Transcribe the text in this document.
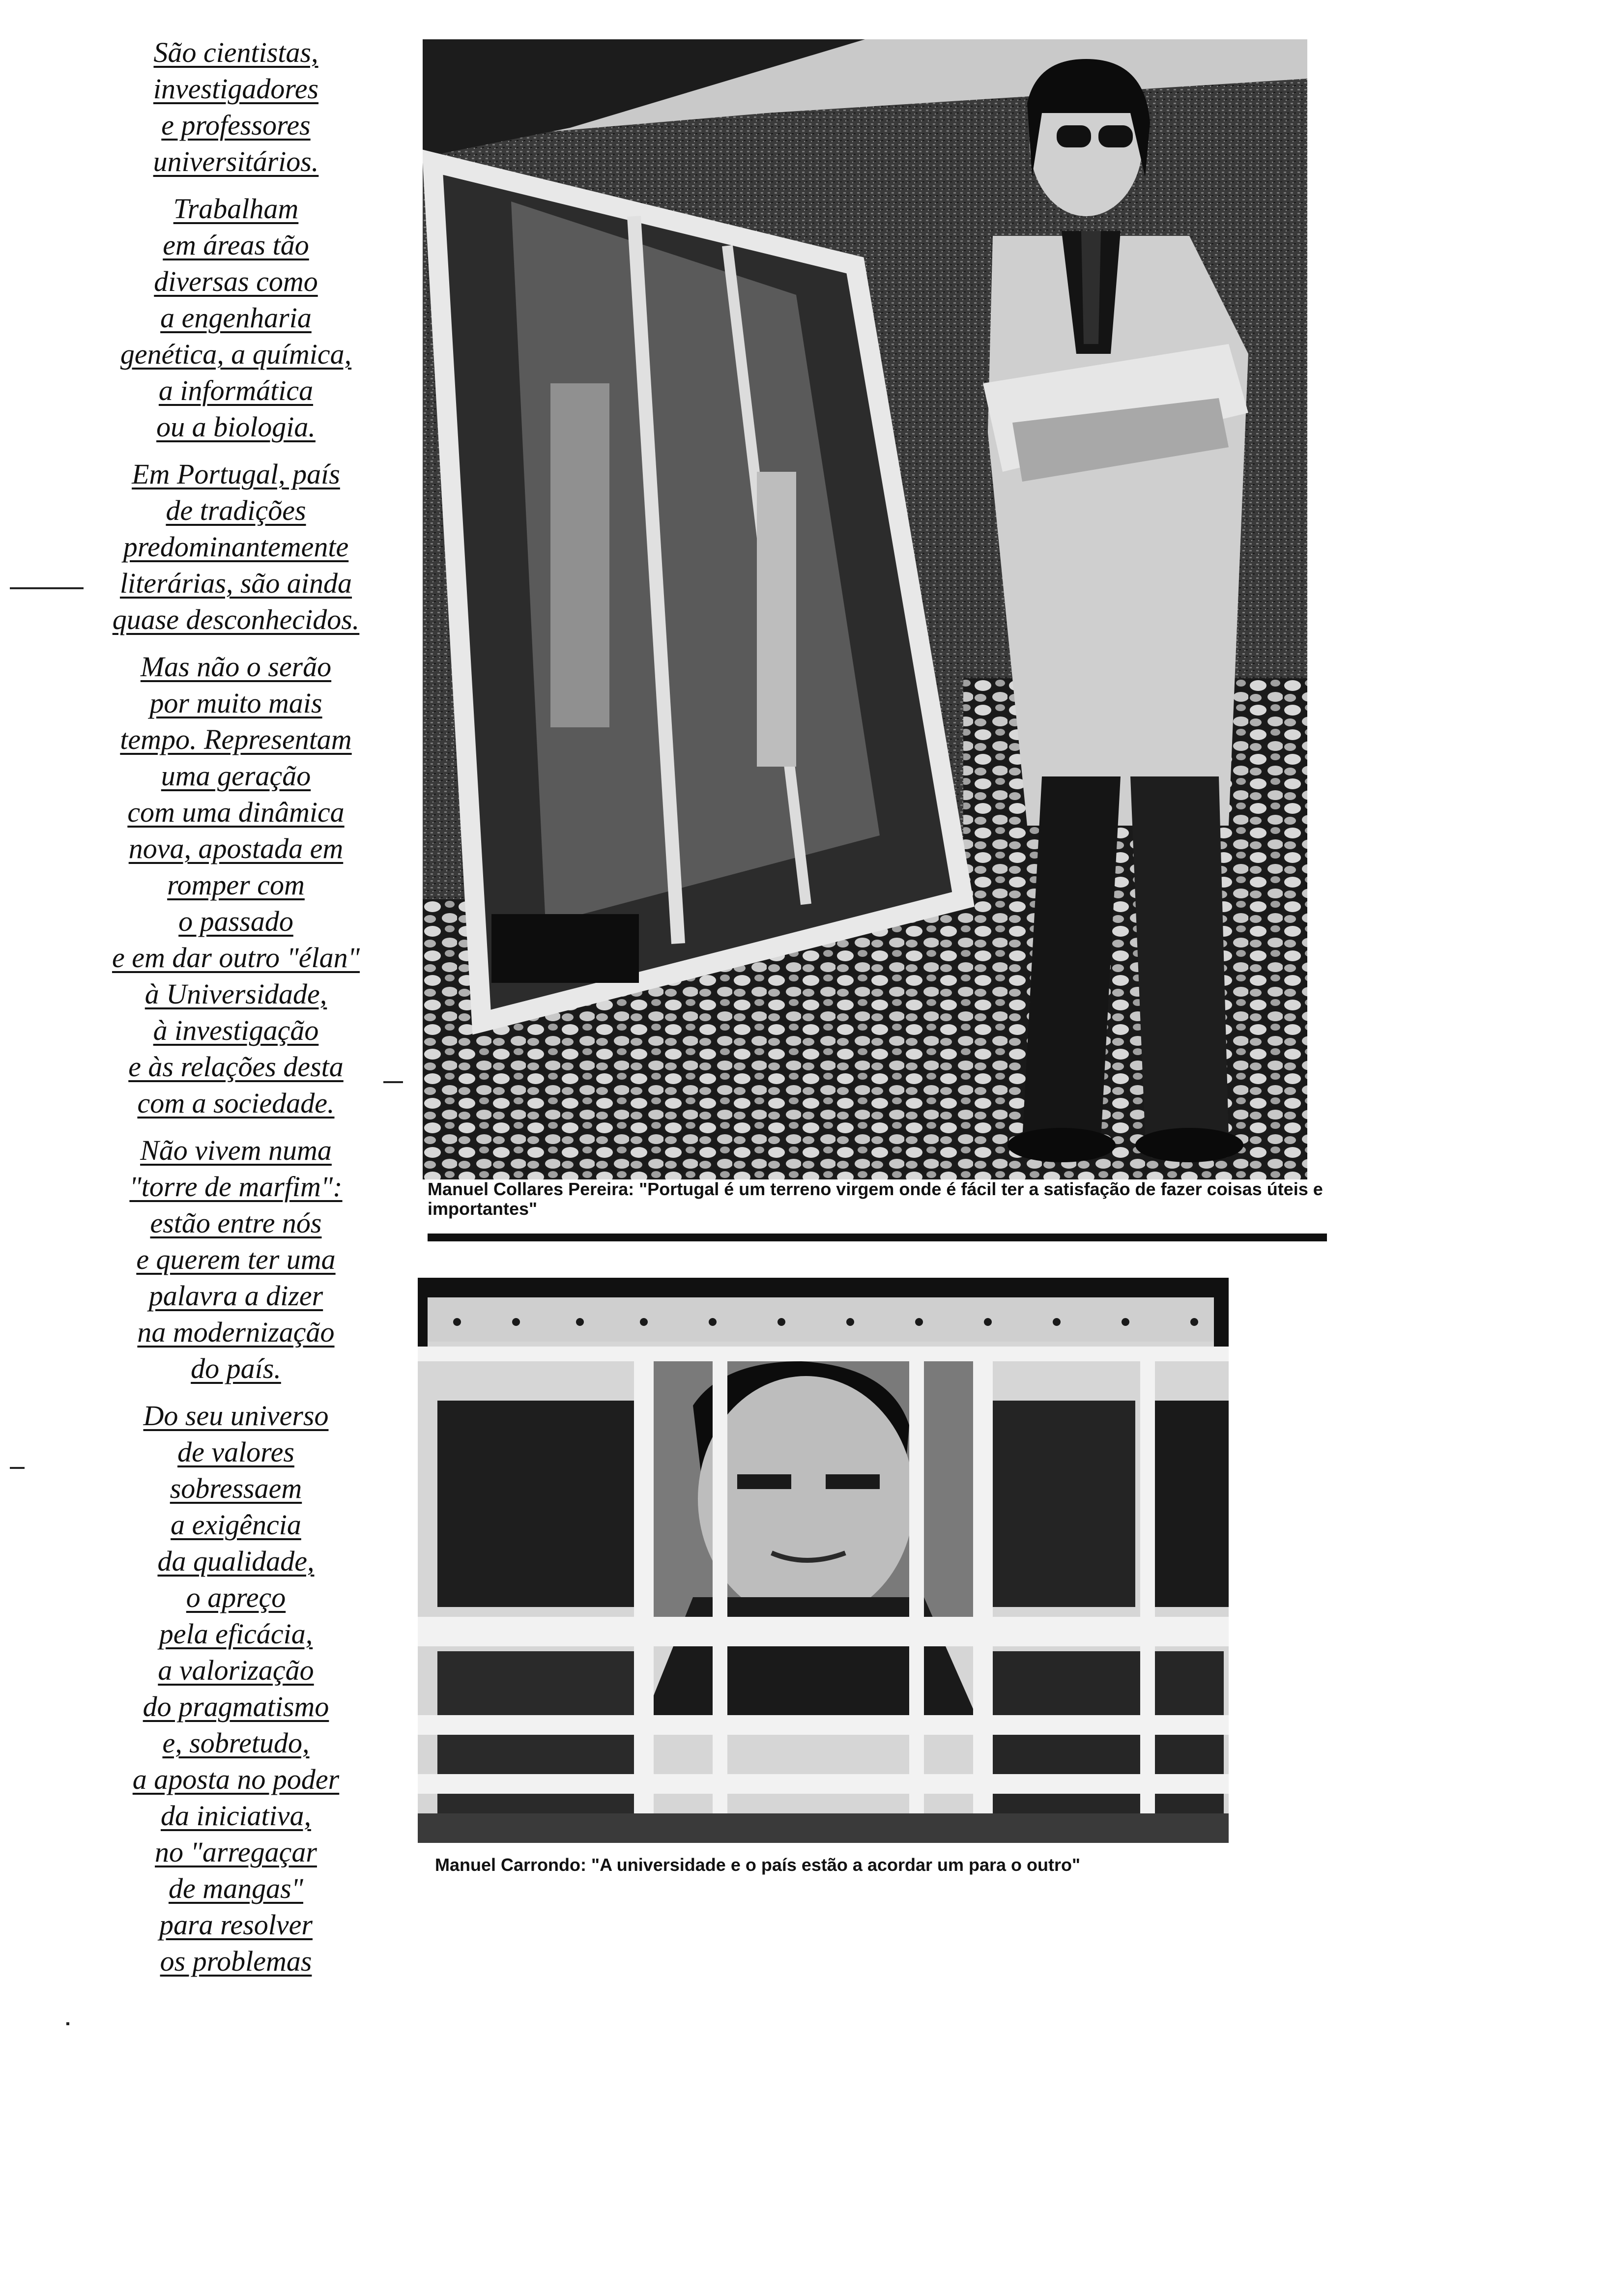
São cientistas,
investigadores
e professores
universitários.
Trabalham
em áreas tão
diversas como
a engenharia
genética, a química,
a informática
ou a biologia.
Em Portugal, país
de tradições
predominantemente
literárias, são ainda
quase desconhecidos.
Mas não o serão
por muito mais
tempo. Representam
uma geração
com uma dinâmica
nova, apostada em
romper com
o passado
e em dar outro "élan"
à Universidade,
à investigação
e às relações desta
com a sociedade.
Não vivem numa
"torre de marfim":
estão entre nós
e querem ter uma
palavra a dizer
na modernização
do país.
Do seu universo
de valores
sobressaem
a exigência
da qualidade,
o apreço
pela eficácia,
a valorização
do pragmatismo
e, sobretudo,
a aposta no poder
da iniciativa,
no "arregaçar
de mangas"
para resolver
os problemas
Manuel Collares Pereira: "Portugal é um terreno virgem onde é fácil ter a satisfação de fazer coisas úteis e importantes"
Manuel Carrondo: "A universidade e o país estão a acordar um para o outro"
